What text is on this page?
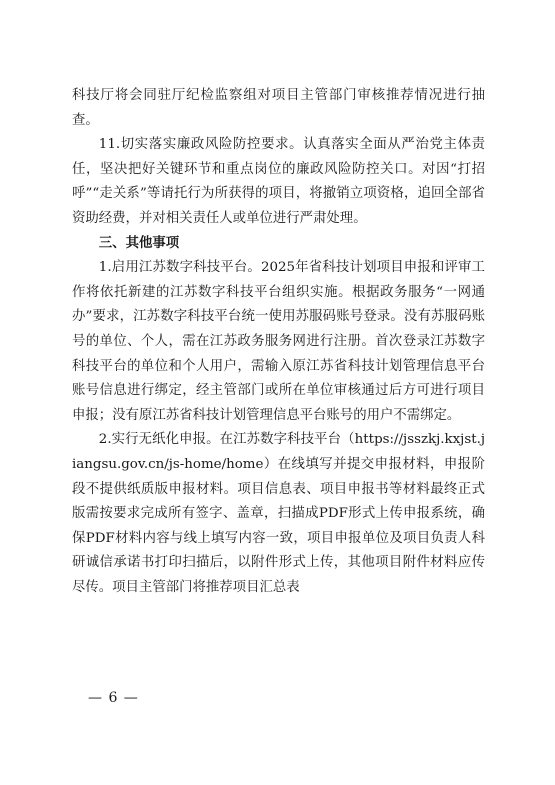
科技厅将会同驻厅纪检监察组对项目主管部门审核推荐情况进行抽查。

11.切实落实廉政风险防控要求。认真落实全面从严治党主体责任，坚决把好关键环节和重点岗位的廉政风险防控关口。对因“打招呼”“走关系”等请托行为所获得的项目，将撤销立项资格，追回全部省资助经费，并对相关责任人或单位进行严肃处理。

三、其他事项

1.启用江苏数字科技平台。2025年省科技计划项目申报和评审工作将依托新建的江苏数字科技平台组织实施。根据政务服务“一网通办”要求，江苏数字科技平台统一使用苏服码账号登录。没有苏服码账号的单位、个人，需在江苏政务服务网进行注册。首次登录江苏数字科技平台的单位和个人用户，需输入原江苏省科技计划管理信息平台账号信息进行绑定，经主管部门或所在单位审核通过后方可进行项目申报；没有原江苏省科技计划管理信息平台账号的用户不需绑定。

2.实行无纸化申报。在江苏数字科技平台（https://jsszkj.kxjst.jiangsu.gov.cn/js-home/home）在线填写并提交申报材料，申报阶段不提供纸质版申报材料。项目信息表、项目申报书等材料最终正式版需按要求完成所有签字、盖章，扫描成PDF形式上传申报系统，确保PDF材料内容与线上填写内容一致，项目申报单位及项目负责人科研诚信承诺书打印扫描后，以附件形式上传，其他项目附件材料应传尽传。项目主管部门将推荐项目汇总表

— 6 —
